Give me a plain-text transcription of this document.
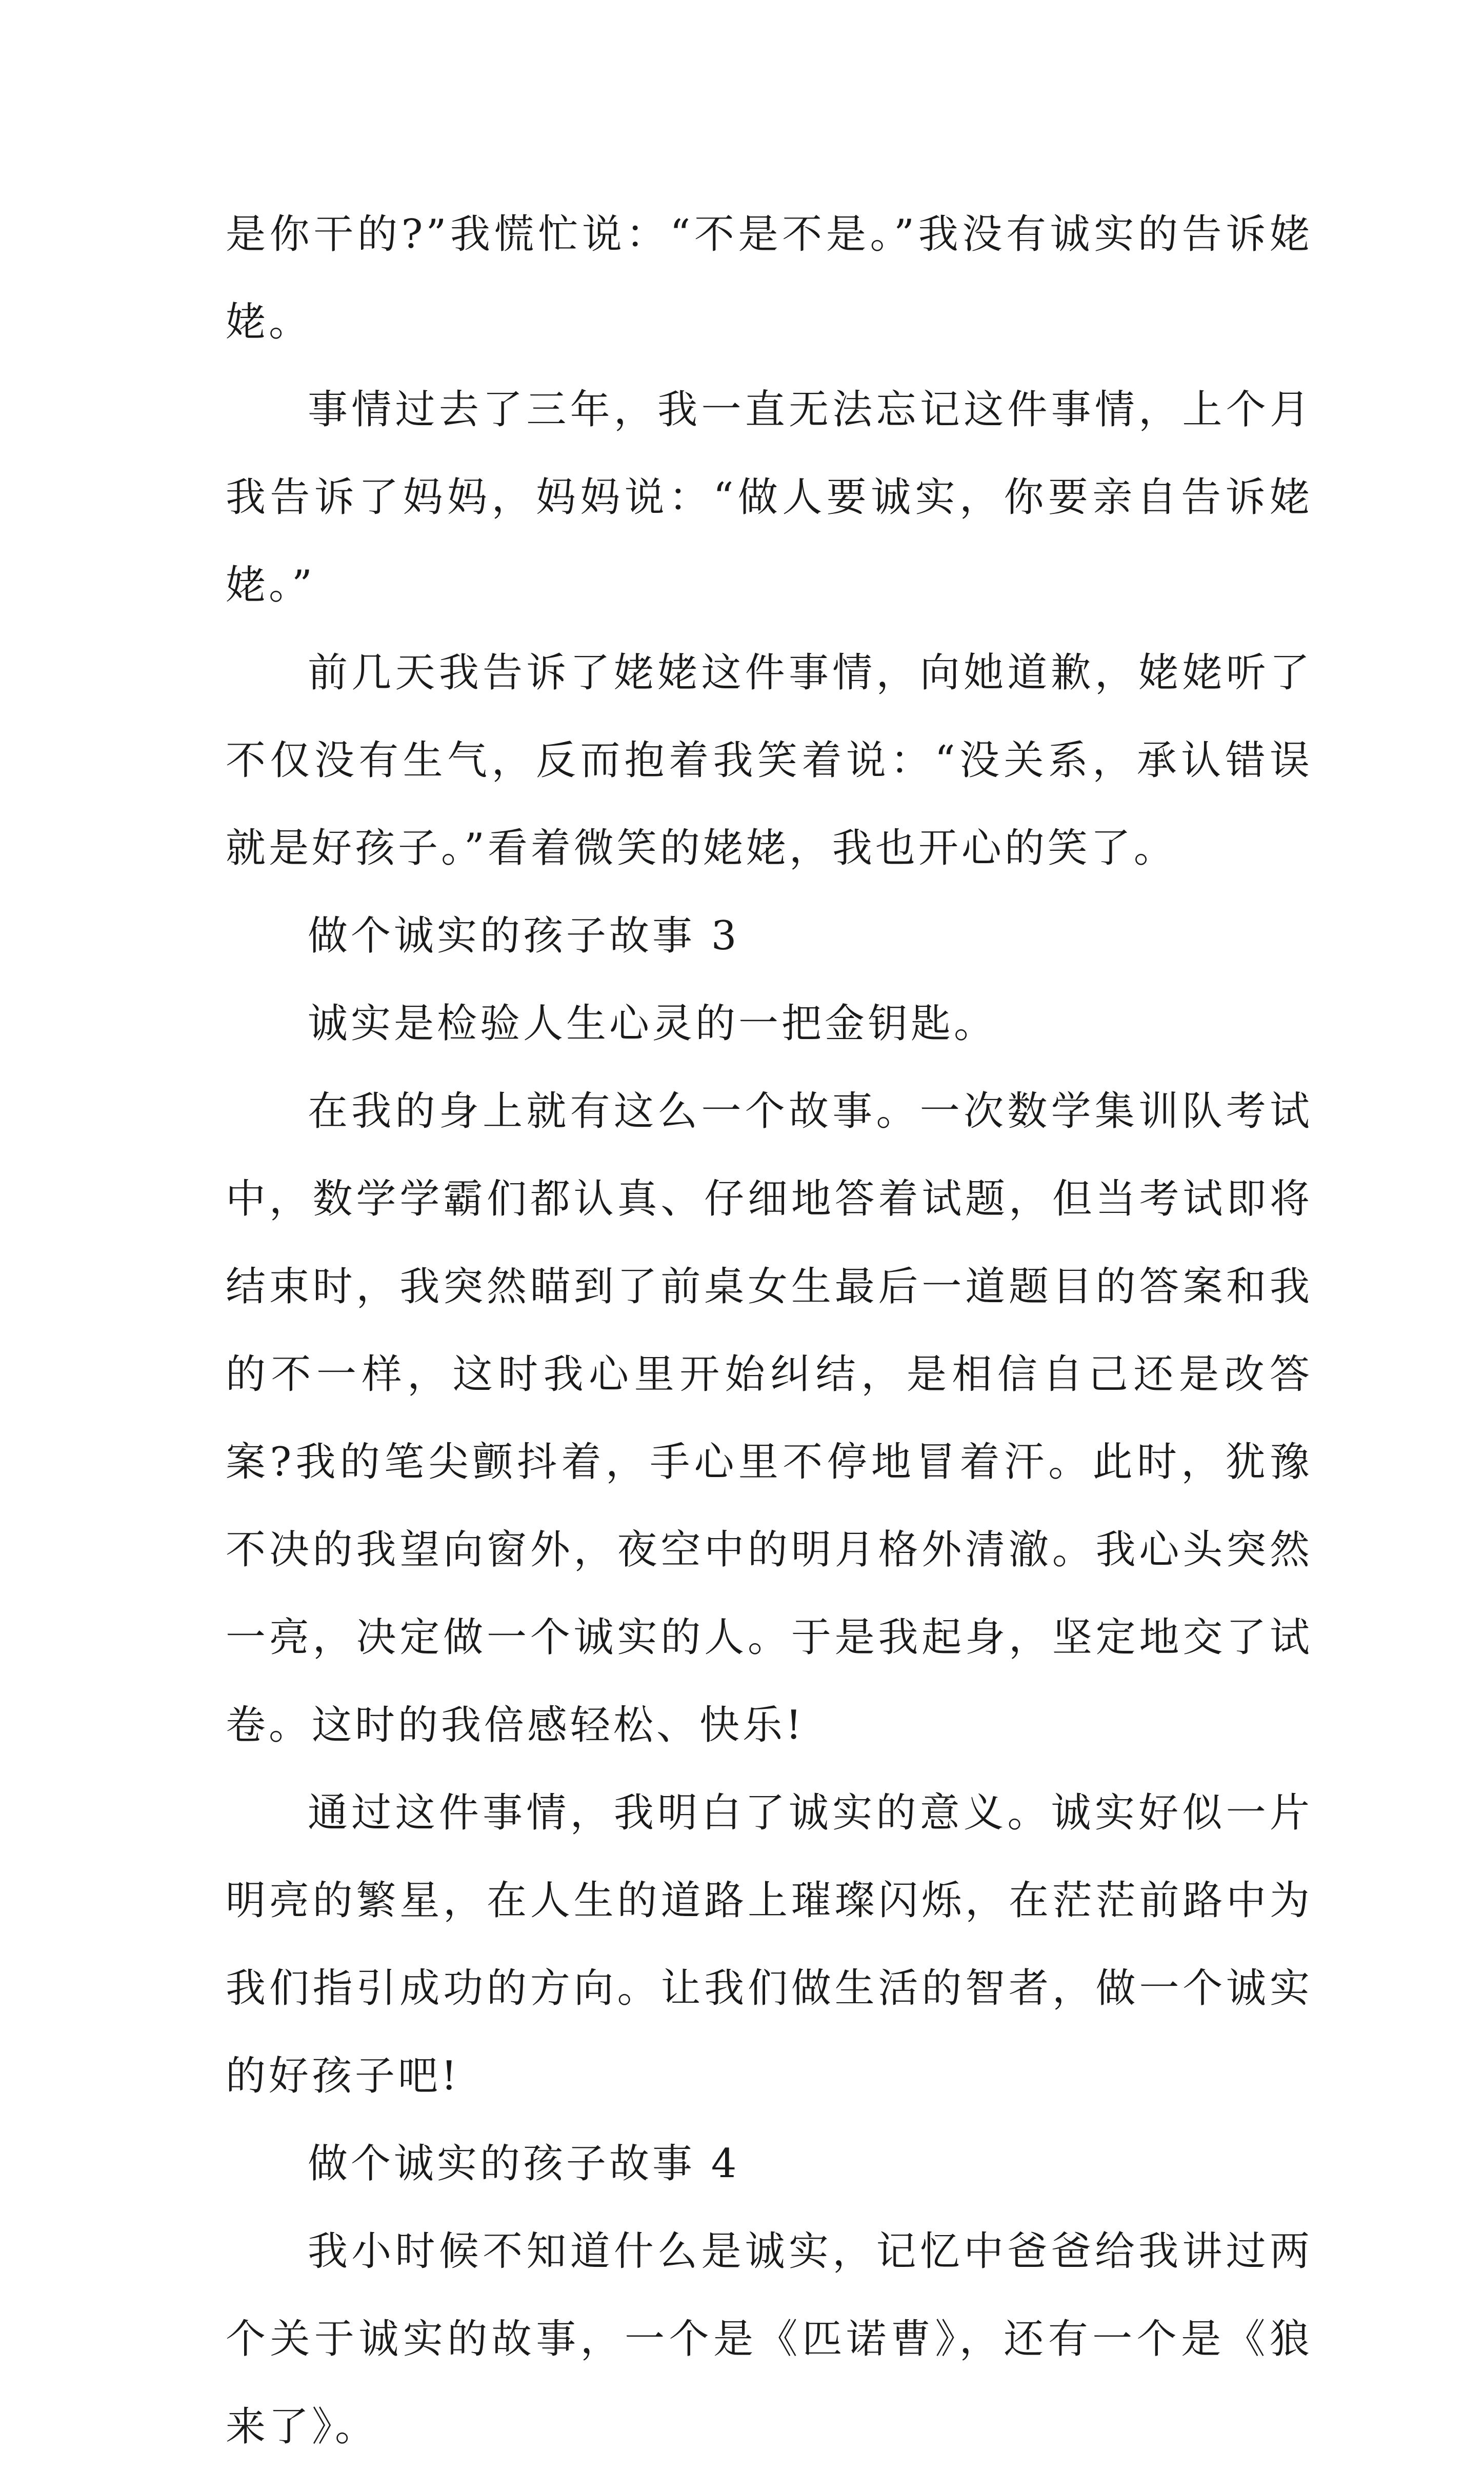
是你干的?”我慌忙说：“不是不是。”我没有诚实的告诉姥姥。

事情过去了三年，我一直无法忘记这件事情，上个月我告诉了妈妈，妈妈说：“做人要诚实，你要亲自告诉姥姥。”

前几天我告诉了姥姥这件事情，向她道歉，姥姥听了不仅没有生气，反而抱着我笑着说：“没关系，承认错误就是好孩子。”看着微笑的姥姥，我也开心的笑了。

做个诚实的孩子故事 3

诚实是检验人生心灵的一把金钥匙。

在我的身上就有这么一个故事。一次数学集训队考试中，数学学霸们都认真、仔细地答着试题，但当考试即将结束时，我突然瞄到了前桌女生最后一道题目的答案和我的不一样，这时我心里开始纠结，是相信自己还是改答案?我的笔尖颤抖着，手心里不停地冒着汗。此时，犹豫不决的我望向窗外，夜空中的明月格外清澈。我心头突然一亮，决定做一个诚实的人。于是我起身，坚定地交了试卷。这时的我倍感轻松、快乐!

通过这件事情，我明白了诚实的意义。诚实好似一片明亮的繁星，在人生的道路上璀璨闪烁，在茫茫前路中为我们指引成功的方向。让我们做生活的智者，做一个诚实的好孩子吧!

做个诚实的孩子故事 4

我小时候不知道什么是诚实，记忆中爸爸给我讲过两个关于诚实的故事，一个是《匹诺曹》，还有一个是《狼来了》。
